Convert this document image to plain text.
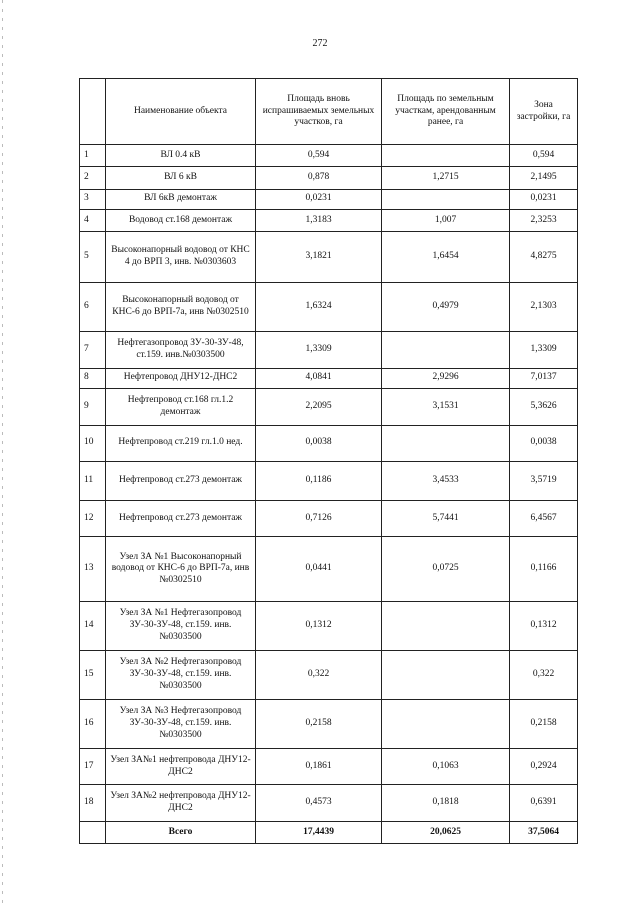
272
	Наименование объекта	Площадь вновь испрашиваемых земельных участков, га	Площадь по земельным участкам, арендованным ранее, га	Зона застройки, га
1	ВЛ 0.4 кВ	0,594		0,594
2	ВЛ 6 кВ	0,878	1,2715	2,1495
3	ВЛ 6кВ демонтаж	0,0231		0,0231
4	Водовод ст.168 демонтаж	1,3183	1,007	2,3253
5	Высоконапорный водовод от КНС 4 до ВРП 3, инв. №0303603	3,1821	1,6454	4,8275
6	Высоконапорный водовод от КНС-6 до ВРП-7а, инв №0302510	1,6324	0,4979	2,1303
7	Нефтегазопровод ЗУ-30-ЗУ-48, ст.159. инв.№0303500	1,3309		1,3309
8	Нефтепровод ДНУ12-ДНС2	4,0841	2,9296	7,0137
9	Нефтепровод ст.168 гл.1.2 демонтаж	2,2095	3,1531	5,3626
10	Нефтепровод ст.219 гл.1.0 нед.	0,0038		0,0038
11	Нефтепровод ст.273 демонтаж	0,1186	3,4533	3,5719
12	Нефтепровод ст.273 демонтаж	0,7126	5,7441	6,4567
13	Узел ЗА №1 Высоконапорный водовод от КНС-6 до ВРП-7а, инв №0302510	0,0441	0,0725	0,1166
14	Узел ЗА №1 Нефтегазопровод ЗУ-30-ЗУ-48, ст.159. инв.№0303500	0,1312		0,1312
15	Узел ЗА №2 Нефтегазопровод ЗУ-30-ЗУ-48, ст.159. инв.№0303500	0,322		0,322
16	Узел ЗА №3 Нефтегазопровод ЗУ-30-ЗУ-48, ст.159. инв.№0303500	0,2158		0,2158
17	Узел ЗА№1 нефтепровода ДНУ12-ДНС2	0,1861	0,1063	0,2924
18	Узел ЗА№2 нефтепровода ДНУ12-ДНС2	0,4573	0,1818	0,6391
	Всего	17,4439	20,0625	37,5064
